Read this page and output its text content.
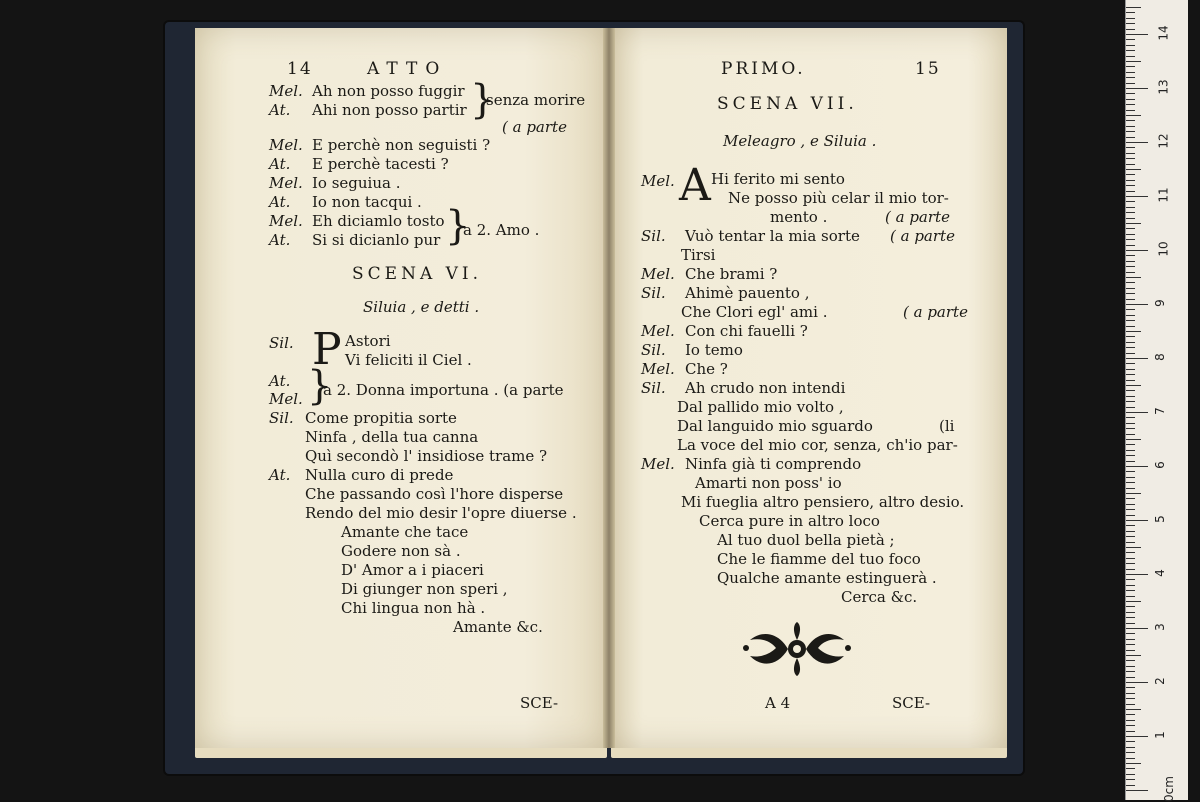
14	ATTO
Mel. Ah non posso fuggir
At. Ahi non posso partir }
senza morire
( a parte
Mel. E perchè non seguisti ?
At. E perchè tacesti ?
Mel. Io seguiua .
At. Io non tacqui .
Mel. Eh diciamlo tosto
At. Si si dicianlo pur }
a 2. Amo .
SCENA VI.
Siluia , e detti .
Sil. P Astori
Vi feliciti il Ciel .
At.
Mel. }
a 2. Donna importuna . (a parte
Sil. Come propitia sorte
Ninfa , della tua canna
Quì secondò l' insidiose trame ?
At. Nulla curo di prede
Che passando così l'hore disperse
Rendo del mio desir l'opre diuerse .
Amante che tace
Godere non sà .
D' Amor a i piaceri
Di giunger non speri ,
Chi lingua non hà .
Amante &c.
SCE-
PRIMO.	15
SCENA VII.
Meleagro , e Siluia .
Mel. A Hi ferito mi sento
Ne posso più celar il mio tor-
mento .	( a parte
Sil. Vuò tentar la mia sorte ( a parte
Tirsi
Mel. Che brami ?
Sil. Ahimè pauento ,
Che Clori egl' ami .	( a parte
Mel. Con chi fauelli ?
Sil. Io temo
Mel. Che ?
Sil. Ah crudo non intendi
Dal pallido mio volto ,
Dal languido mio sguardo	(li
La voce del mio cor, senza, ch'io par-
Mel. Ninfa già ti comprendo
Amarti non poss' io
Mi fueglia altro pensiero, altro desio.
Cerca pure in altro loco
Al tuo duol bella pietà ;
Che le fiamme del tuo foco
Qualche amante estinguerà .
Cerca &c.
A 4	SCE-
0cm
1
2
3
4
5
6
7
8
9
10
11
12
13
14
